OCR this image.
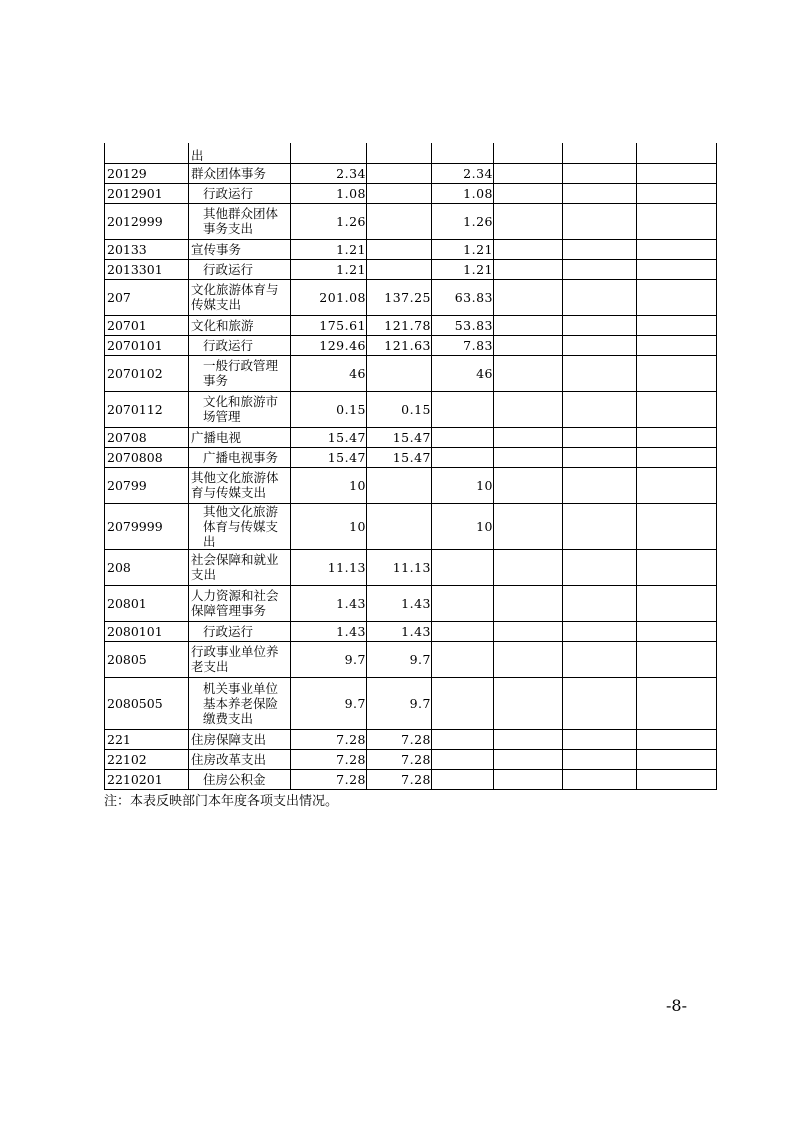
	出						
20129	群众团体事务	2.34		2.34			
2012901	行政运行	1.08		1.08			
2012999	其他群众团体事务支出	1.26		1.26			
20133	宣传事务	1.21		1.21			
2013301	行政运行	1.21		1.21			
207	文化旅游体育与传媒支出	201.08	137.25	63.83			
20701	文化和旅游	175.61	121.78	53.83			
2070101	行政运行	129.46	121.63	7.83			
2070102	一般行政管理事务	46		46			
2070112	文化和旅游市场管理	0.15	0.15				
20708	广播电视	15.47	15.47				
2070808	广播电视事务	15.47	15.47				
20799	其他文化旅游体育与传媒支出	10		10			
2079999	其他文化旅游体育与传媒支出	10		10			
208	社会保障和就业支出	11.13	11.13				
20801	人力资源和社会保障管理事务	1.43	1.43				
2080101	行政运行	1.43	1.43				
20805	行政事业单位养老支出	9.7	9.7				
2080505	机关事业单位基本养老保险缴费支出	9.7	9.7				
221	住房保障支出	7.28	7.28				
22102	住房改革支出	7.28	7.28				
2210201	住房公积金	7.28	7.28				
注：本表反映部门本年度各项支出情况。
-8-
